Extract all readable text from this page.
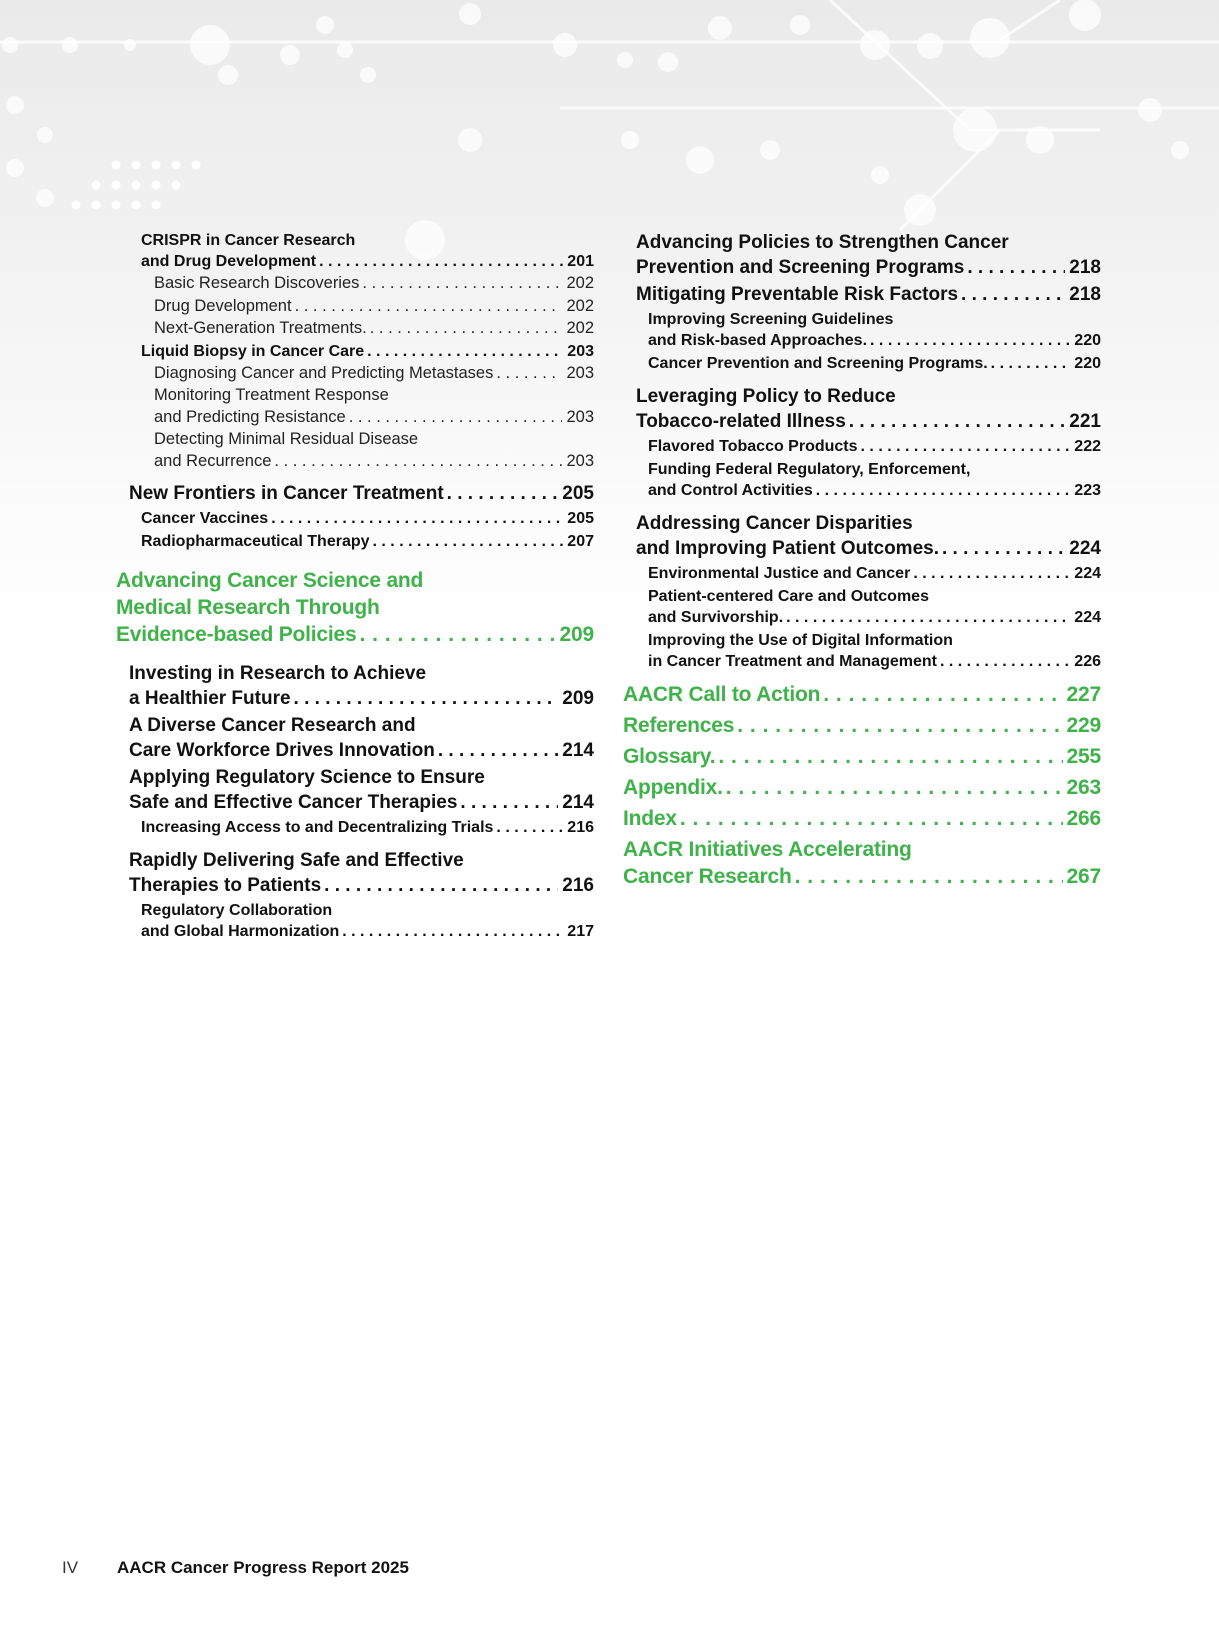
CRISPR in Cancer Research
and Drug Development . . .	201
Basic Research Discoveries . . .	202
Drug Development . . .	202
Next-Generation Treatments. . . .	202
Liquid Biopsy in Cancer Care . . .	203
Diagnosing Cancer and Predicting Metastases . . .	203
Monitoring Treatment Response
and Predicting Resistance . . .	203
Detecting Minimal Residual Disease
and Recurrence . . .	203
New Frontiers in Cancer Treatment . . .	205
Cancer Vaccines . . .	205
Radiopharmaceutical Therapy . . .	207
Advancing Cancer Science and
Medical Research Through
Evidence-based Policies . . .	209
Investing in Research to Achieve
a Healthier Future . . .	209
A Diverse Cancer Research and
Care Workforce Drives Innovation . . .	214
Applying Regulatory Science to Ensure
Safe and Effective Cancer Therapies . . .	214
Increasing Access to and Decentralizing Trials . . .	216
Rapidly Delivering Safe and Effective
Therapies to Patients . . .	216
Regulatory Collaboration
and Global Harmonization . . .	217
Advancing Policies to Strengthen Cancer
Prevention and Screening Programs . . .	218
Mitigating Preventable Risk Factors . . .	218
Improving Screening Guidelines
and Risk-based Approaches. . . .	220
Cancer Prevention and Screening Programs. . . .	220
Leveraging Policy to Reduce
Tobacco-related Illness . . .	221
Flavored Tobacco Products . . .	222
Funding Federal Regulatory, Enforcement,
and Control Activities . . .	223
Addressing Cancer Disparities
and Improving Patient Outcomes. . . .	224
Environmental Justice and Cancer . . .	224
Patient-centered Care and Outcomes
and Survivorship. . . .	224
Improving the Use of Digital Information
in Cancer Treatment and Management . . .	226
AACR Call to Action . . .	227
References . . .	229
Glossary. . . .	255
Appendix. . . .	263
Index . . .	266
AACR Initiatives Accelerating
Cancer Research . . .	267
IV	AACR Cancer Progress Report 2025
